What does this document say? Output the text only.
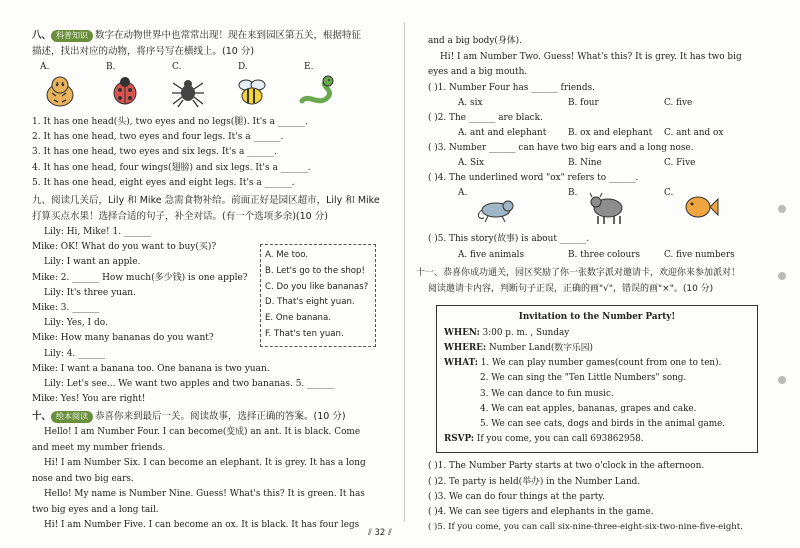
八、 科普知识 数字在动物世界中也常常出现！现在来到园区第五关，根据特征

描述，找出对应的动物，将序号写在横线上。(10 分)

A.	B.	C.	D.	E.
1. It has one head(头), two eyes and no legs(腿). It's a ______.
2. It has one head, two eyes and four legs. It's a ______.
3. It has one head, two eyes and six legs. It's a ______.
4. It has one head, four wings(翅膀) and six legs. It's a ______.
5. It has one head, eight eyes and eight legs. It's a ______.

九、阅读几关后，Lily 和 Mike 急需食物补给。前面正好是园区超市，Lily 和 Mike

打算买点水果！选择合适的句子，补全对话。(有一个选项多余)(10 分)

Lily: Hi, Mike! 1. ______
Mike: OK! What do you want to buy(买)?
Lily: I want an apple.
Mike: 2. ______ How much(多少钱) is one apple?
Lily: It's three yuan.
Mike: 3. ______
Lily: Yes, I do.
Mike: How many bananas do you want?
Lily: 4. ______
Mike: I want a banana too. One banana is two yuan.
Lily: Let's see... We want two apples and two bananas. 5. ______
Mike: Yes! You are right!

十、 绘本阅读 恭喜你来到最后一关。阅读故事，选择正确的答案。(10 分)

Hello! I am Number Four. I can become(变成) an ant. It is black. Come

and meet my number friends.

Hi! I am Number Six. I can become an elephant. It is grey. It has a long

nose and two big ears.

Hello! My name is Number Nine. Guess! What's this? It is green. It has

two big eyes and a long tail.

Hi! I am Number Five. I can become an ox. It is black. It has four legs

A. Me too.
B. Let's go to the shop!
C. Do you like bananas?
D. That's eight yuan.
E. One banana.
F. That's ten yuan.

and a big body(身体).

Hi! I am Number Two. Guess! What's this? It is grey. It has two big

eyes and a big mouth.

( )1. Number Four has ______ friends.
A. six	B. four	C. five
( )2. The ______ are black.
A. ant and elephant B. ox and elephant C. ant and ox
( )3. Number ______ can have two big ears and a long nose.
A. Six	B. Nine	C. Five
( )4. The underlined word "ox" refers to ______.
A.	B.	C.
( )5. This story(故事) is about ______.
A. five animals	B. three colours	C. five numbers

十一、恭喜你成功通关，园区奖励了你一张数字派对邀请卡，欢迎你来参加派对！

阅读邀请卡内容，判断句子正误，正确的画"√"，错误的画"×"。(10 分)

Invitation to the Number Party!
WHEN: 3:00 p. m. , Sunday
WHERE: Number Land(数字乐园)
WHAT: 1. We can play number games(count from one to ten).
2. We can sing the "Ten Little Numbers" song.
3. We can dance to fun music.
4. We can eat apples, bananas, grapes and cake.
5. We can see cats, dogs and birds in the animal game.
RSVP: If you come, you can call 693862958.
( )1. The Number Party starts at two o'clock in the afternoon.
( )2. Te party is held(举办) in the Number Land.
( )3. We can do four things at the party.
( )4. We can see tigers and elephants in the game.
( )5. If you come, you can call six-nine-three-eight-six-two-nine-five-eight.
⫽ 32 ⫽
